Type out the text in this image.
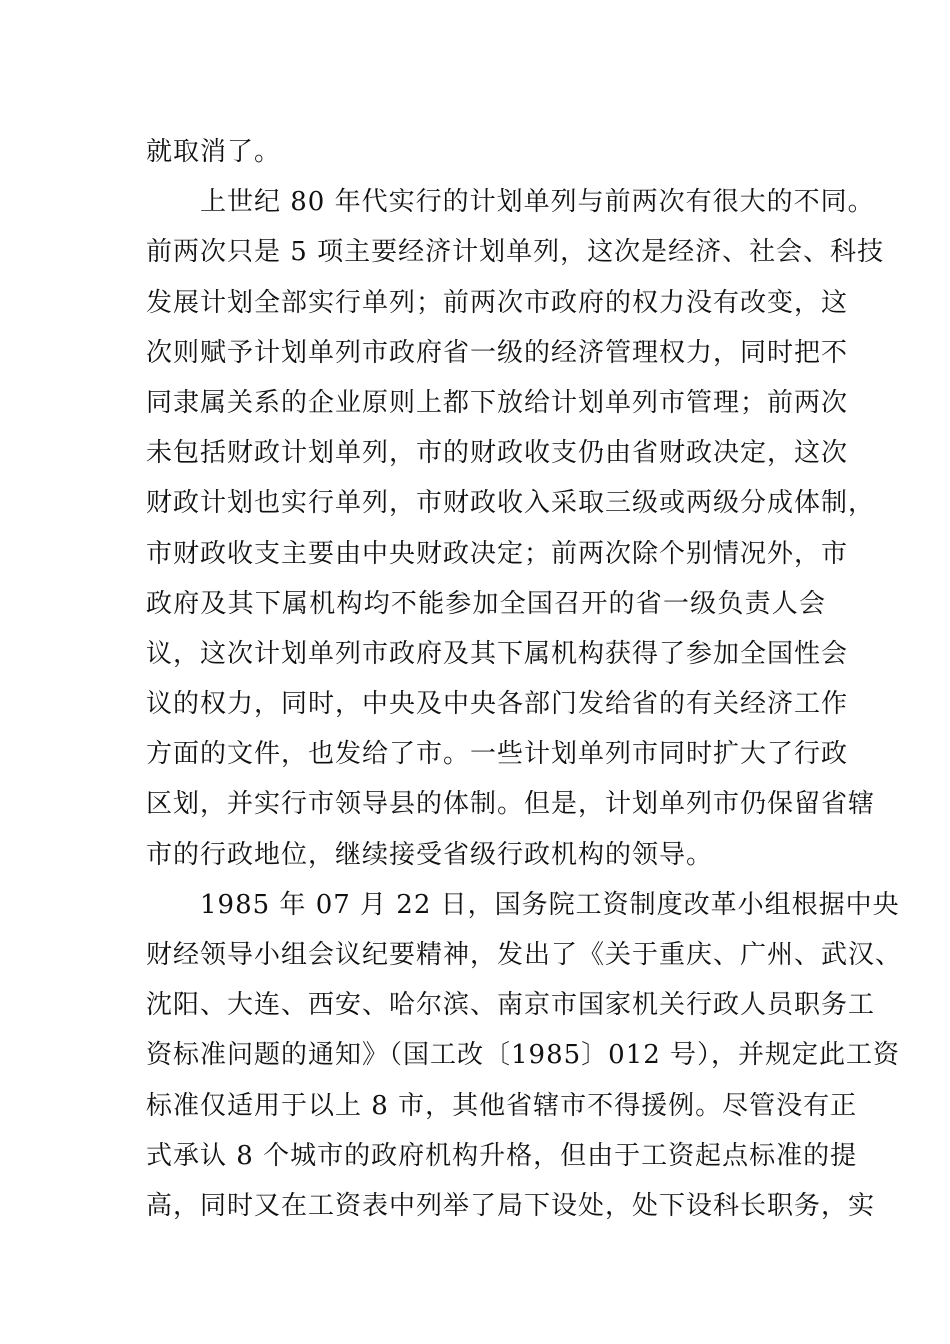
就取消了。
上世纪 80 年代实行的计划单列与前两次有很大的不同。
前两次只是 5 项主要经济计划单列，这次是经济、社会、科技
发展计划全部实行单列；前两次市政府的权力没有改变，这
次则赋予计划单列市政府省一级的经济管理权力，同时把不
同隶属关系的企业原则上都下放给计划单列市管理；前两次
未包括财政计划单列，市的财政收支仍由省财政决定，这次
财政计划也实行单列，市财政收入采取三级或两级分成体制，
市财政收支主要由中央财政决定；前两次除个别情况外，市
政府及其下属机构均不能参加全国召开的省一级负责人会
议，这次计划单列市政府及其下属机构获得了参加全国性会
议的权力，同时，中央及中央各部门发给省的有关经济工作
方面的文件，也发给了市。一些计划单列市同时扩大了行政
区划，并实行市领导县的体制。但是，计划单列市仍保留省辖
市的行政地位，继续接受省级行政机构的领导。
1985 年 07 月 22 日，国务院工资制度改革小组根据中央
财经领导小组会议纪要精神，发出了《关于重庆、广州、武汉、
沈阳、大连、西安、哈尔滨、南京市国家机关行政人员职务工
资标准问题的通知》（国工改〔1985〕012 号），并规定此工资
标准仅适用于以上 8 市，其他省辖市不得援例。尽管没有正
式承认 8 个城市的政府机构升格，但由于工资起点标准的提
高，同时又在工资表中列举了局下设处，处下设科长职务，实
